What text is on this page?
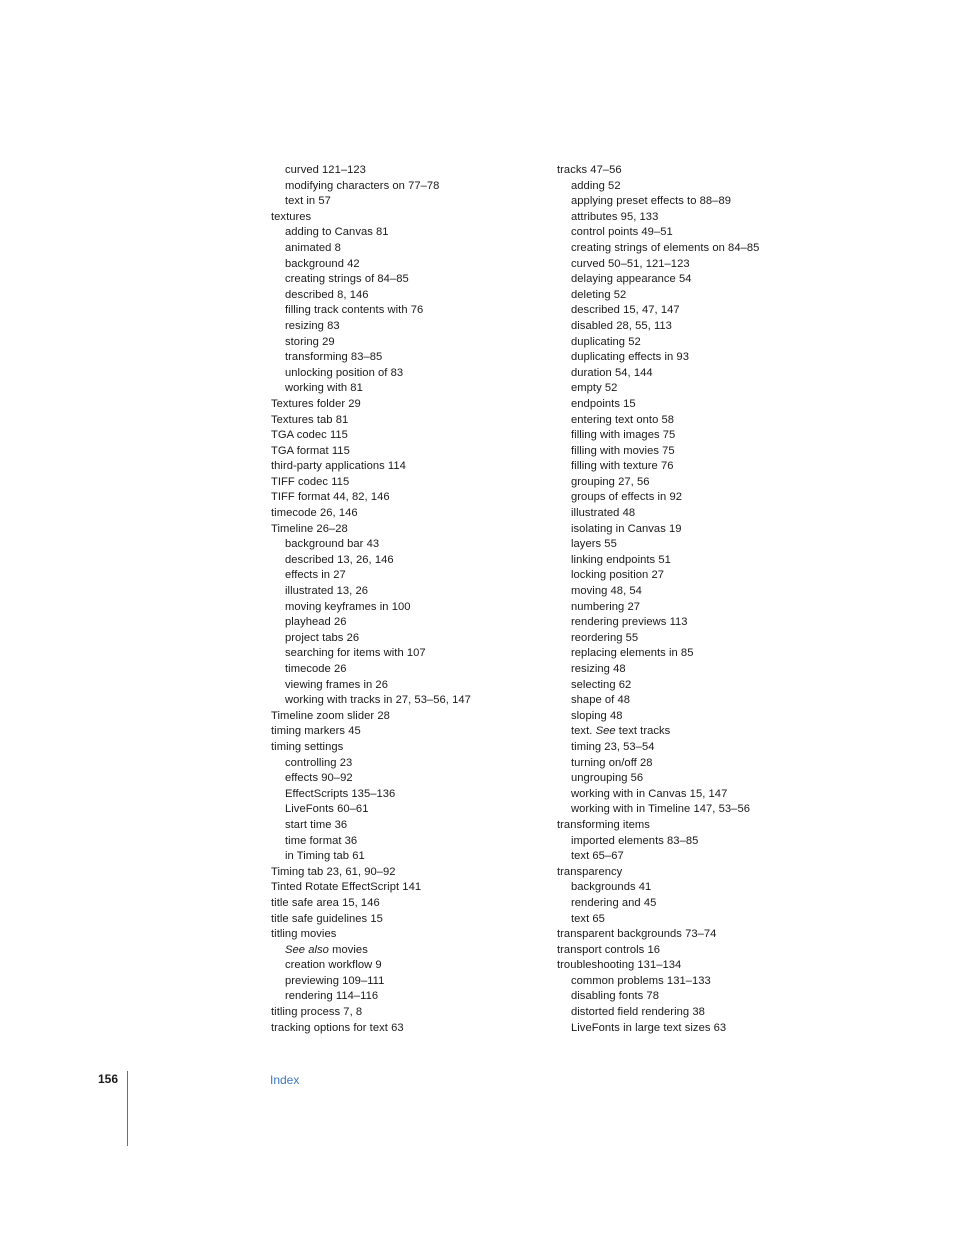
curved 121–123
modifying characters on 77–78
text in 57
textures
adding to Canvas 81
animated 8
background 42
creating strings of 84–85
described 8, 146
filling track contents with 76
resizing 83
storing 29
transforming 83–85
unlocking position of 83
working with 81
Textures folder 29
Textures tab 81
TGA codec 115
TGA format 115
third-party applications 114
TIFF codec 115
TIFF format 44, 82, 146
timecode 26, 146
Timeline 26–28
background bar 43
described 13, 26, 146
effects in 27
illustrated 13, 26
moving keyframes in 100
playhead 26
project tabs 26
searching for items with 107
timecode 26
viewing frames in 26
working with tracks in 27, 53–56, 147
Timeline zoom slider 28
timing markers 45
timing settings
controlling 23
effects 90–92
EffectScripts 135–136
LiveFonts 60–61
start time 36
time format 36
in Timing tab 61
Timing tab 23, 61, 90–92
Tinted Rotate EffectScript 141
title safe area 15, 146
title safe guidelines 15
titling movies
See also movies
creation workflow 9
previewing 109–111
rendering 114–116
titling process 7, 8
tracking options for text 63
tracks 47–56
adding 52
applying preset effects to 88–89
attributes 95, 133
control points 49–51
creating strings of elements on 84–85
curved 50–51, 121–123
delaying appearance 54
deleting 52
described 15, 47, 147
disabled 28, 55, 113
duplicating 52
duplicating effects in 93
duration 54, 144
empty 52
endpoints 15
entering text onto 58
filling with images 75
filling with movies 75
filling with texture 76
grouping 27, 56
groups of effects in 92
illustrated 48
isolating in Canvas 19
layers 55
linking endpoints 51
locking position 27
moving 48, 54
numbering 27
rendering previews 113
reordering 55
replacing elements in 85
resizing 48
selecting 62
shape of 48
sloping 48
text. See text tracks
timing 23, 53–54
turning on/off 28
ungrouping 56
working with in Canvas 15, 147
working with in Timeline 147, 53–56
transforming items
imported elements 83–85
text 65–67
transparency
backgrounds 41
rendering and 45
text 65
transparent backgrounds 73–74
transport controls 16
troubleshooting 131–134
common problems 131–133
disabling fonts 78
distorted field rendering 38
LiveFonts in large text sizes 63
156	Index
